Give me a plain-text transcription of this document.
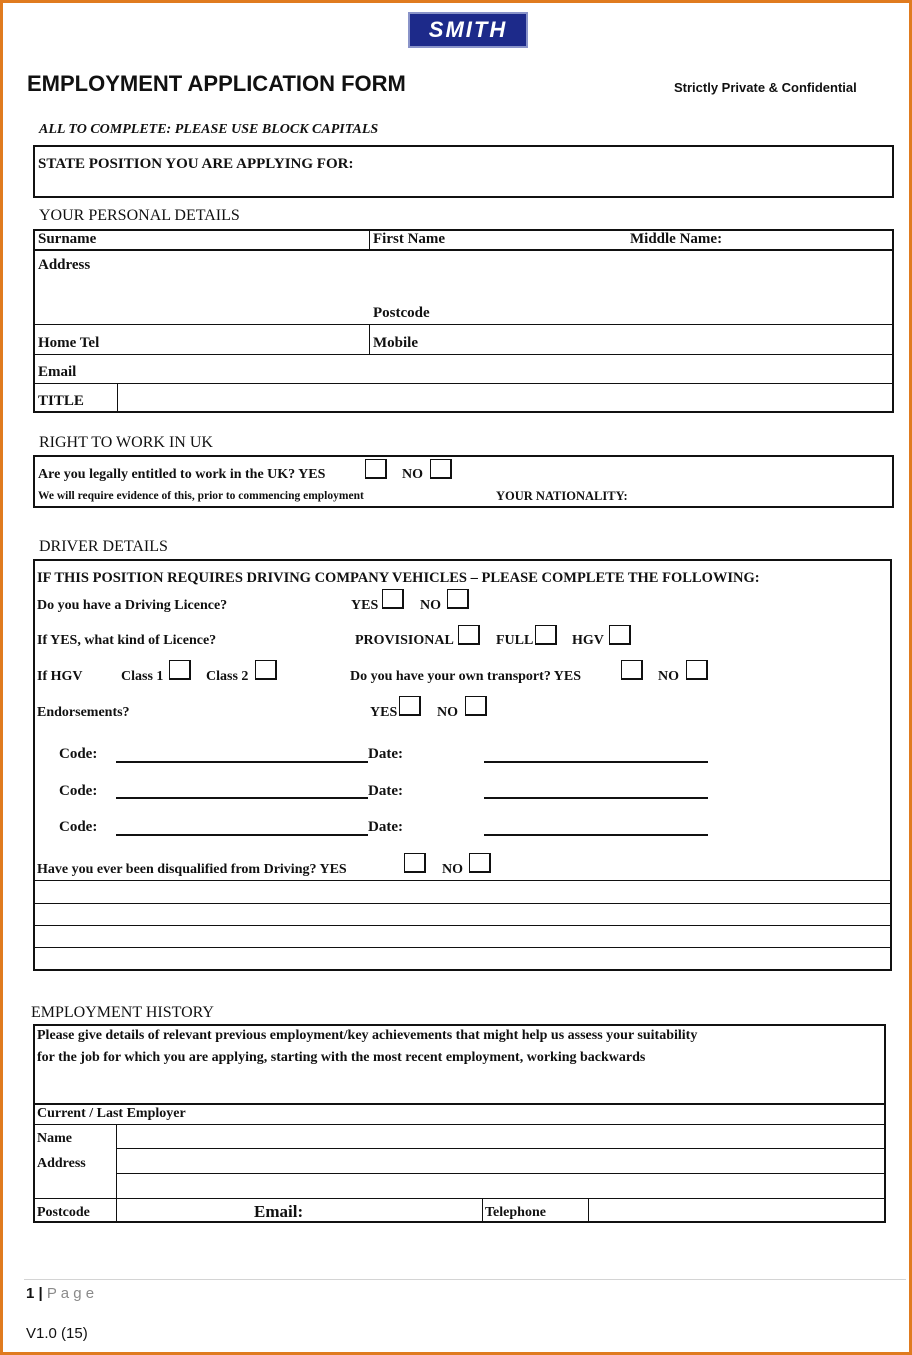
SMITH
EMPLOYMENT APPLICATION FORM	Strictly Private & Confidential
ALL TO COMPLETE: PLEASE USE BLOCK CAPITALS
STATE POSITION YOU ARE APPLYING FOR:
YOUR PERSONAL DETAILS
Surname	First Name	Middle Name:
Address
Postcode
Home Tel	Mobile
Email
TITLE
RIGHT TO WORK IN UK
Are you legally entitled to work in the UK? YES	NO
We will require evidence of this, prior to commencing employment	YOUR NATIONALITY:
DRIVER DETAILS
IF THIS POSITION REQUIRES DRIVING COMPANY VEHICLES – PLEASE COMPLETE THE FOLLOWING:
Do you have a Driving Licence?	YES	NO
If YES, what kind of Licence?	PROVISIONAL	FULL	HGV
If HGV	Class 1	Class 2	Do you have your own transport? YES	NO
Endorsements?	YES	NO
Code:	Date:
Code:	Date:
Code:	Date:
Have you ever been disqualified from Driving? YES	NO
EMPLOYMENT HISTORY
Please give details of relevant previous employment/key achievements that might help us assess your suitability
for the job for which you are applying, starting with the most recent employment, working backwards
Current / Last Employer
Name
Address
Postcode	Email:	Telephone
1 | P a g e
V1.0 (15)
